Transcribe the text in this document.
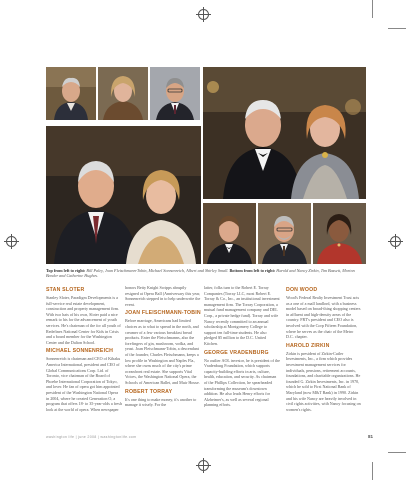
Top from left to right: Bill Paley, Joan Fleischmann-Tobin, Michael Sonnenreich, Albert and Shirley Small. Bottom from left to right: Harold and Nancy Zirkin, Tim Bassett, Morton Bender and Catherine Hughes.
STAN SLOTER

Stanley Sloter, Paradigm Developments is a full-service real estate development, construction and property management firm. With two hats of his own, Sloter paid a nice remark to his for the advancement of youth services. He's chairman of the for all youth of Redefines National Center for Kids in Crisis and a board member for the Washington Center and the Dalton School.

MICHAEL SONNENREICH

Sonnenreich is chairman and CEO of Kibaku America International, president and CEO of Global Communications Corp. Ltd. of Toronto, vice chairman of the Board of Phoebe International Corporation of Tokyo, and lover. He fan of opera got him appointed president of the Washington National Opera in 2004, where he created Generation O, a program that offers 18- to 35-year-olds a fresh look at the world of opera. When newspaper

honors Betty Knight Scripps abruptly resigned at Opera Ball (Anniversary this year, Sonnenreich stepped in to help underwrite the event.

JOAN FLEISCHMANN-TOBIN

Before marriage, Americans had limited choices as to what to spread in the north, and creamer of a few various breakfast bread products. Enter the Fleischmanns, also the forefingers of gin, mushroom, vodka, and yeast. Joan Fleischmann-Tobin, a descendant of the founder, Charles Fleischmann, keeps a low profile in Washington and Naples Fla., where she owns much of the city's prime oceanfront real estate. She supports Vital Voices, the Washington National Opera, the Schools of American Ballet, and Muir House.

ROBERT TORRAY

It's one thing to make money, it's another to manage it wisely. For the

latter, folks turn to the Robert E. Torray Companies (Torray LLC, most Robert E. Torray & Co., Inc., an institutional investment management firm. The Torray Corporation, a mutual fund management company and DEL Corp., a private hedge fund). Torray and wife Nancy recently committed to an annual scholarship at Montgomery College to support ten full-time students. He also pledged $5 million to the D.C. United Kitchen.

GEORGE VRADENBURG

No outlier AOL investor, he is president of the Vradenburg Foundation, which supports capacity-building efforts in arts, culture, health, education, and security. As chairman of the Phillips Collection, he spearheaded transforming the museum's downtown addition. He also leads Henry efforts for Alzheimer's, as well as several regional planning efforts.

DON WOOD

Wood's Federal Realty Investment Trust acts as a one of a mall landlord, with a business model based on broad-thing shopping centers in affluent and high-density areas of the country. FRT's president and CEO also is involved with the Corp Fifteen Foundation, where he serves as the chair of the Metro D.C. chapter.

HAROLD ZIRKIN

Zirkin is president of Zirkin-Cutler Investments, Inc., a firm which provides investment management services for individuals, pensions, retirement accounts, foundations, and charitable organizations. He founded G. Zirkin Investments, Inc. in 1970, which he sold to First National Bank of Maryland (now M&T Bank) in 1990. Zirkin and his wife Nancy are heavily involved in civil rights activities, with Nancy focusing on women's rights.

washington life | june 2008 | washingtonlife.com	81
